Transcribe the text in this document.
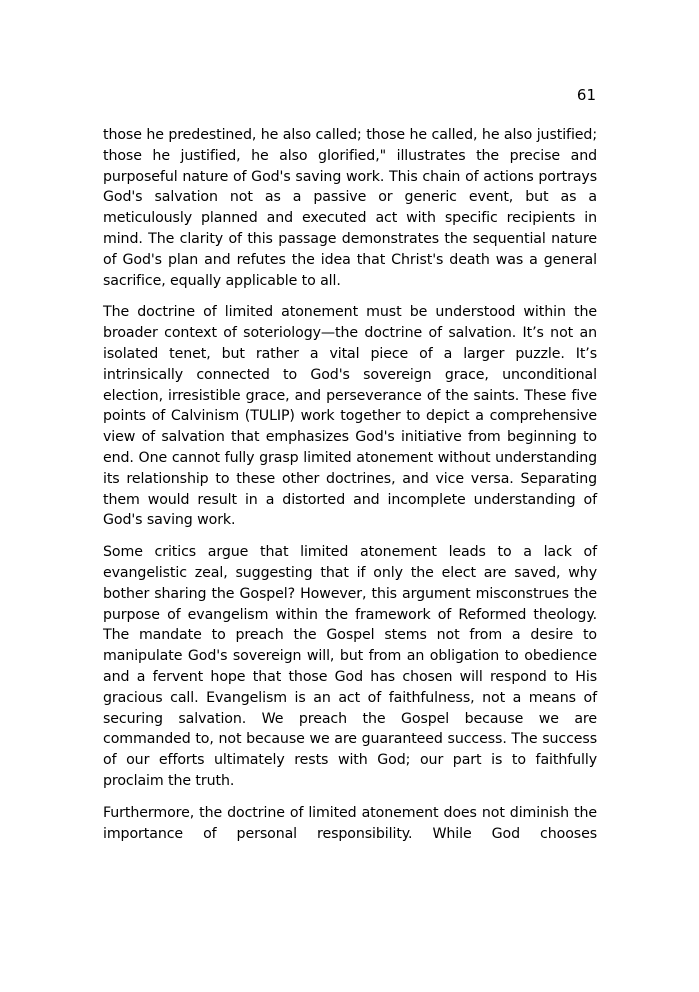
61

those he predestined, he also called; those he called, he also justified; those he justified, he also glorified," illustrates the precise and purposeful nature of God's saving work. This chain of actions portrays God's salvation not as a passive or generic event, but as a meticulously planned and executed act with specific recipients in mind. The clarity of this passage demonstrates the sequential nature of God's plan and refutes the idea that Christ's death was a general sacrifice, equally applicable to all.

The doctrine of limited atonement must be understood within the broader context of soteriology—the doctrine of salvation. It’s not an isolated tenet, but rather a vital piece of a larger puzzle. It’s intrinsically connected to God's sovereign grace, unconditional election, irresistible grace, and perseverance of the saints. These five points of Calvinism (TULIP) work together to depict a comprehensive view of salvation that emphasizes God's initiative from beginning to end. One cannot fully grasp limited atonement without understanding its relationship to these other doctrines, and vice versa. Separating them would result in a distorted and incomplete understanding of God's saving work.

Some critics argue that limited atonement leads to a lack of evangelistic zeal, suggesting that if only the elect are saved, why bother sharing the Gospel? However, this argument misconstrues the purpose of evangelism within the framework of Reformed theology. The mandate to preach the Gospel stems not from a desire to manipulate God's sovereign will, but from an obligation to obedience and a fervent hope that those God has chosen will respond to His gracious call. Evangelism is an act of faithfulness, not a means of securing salvation. We preach the Gospel because we are commanded to, not because we are guaranteed success. The success of our efforts ultimately rests with God; our part is to faithfully proclaim the truth.

Furthermore, the doctrine of limited atonement does not diminish the importance of personal responsibility. While God chooses
